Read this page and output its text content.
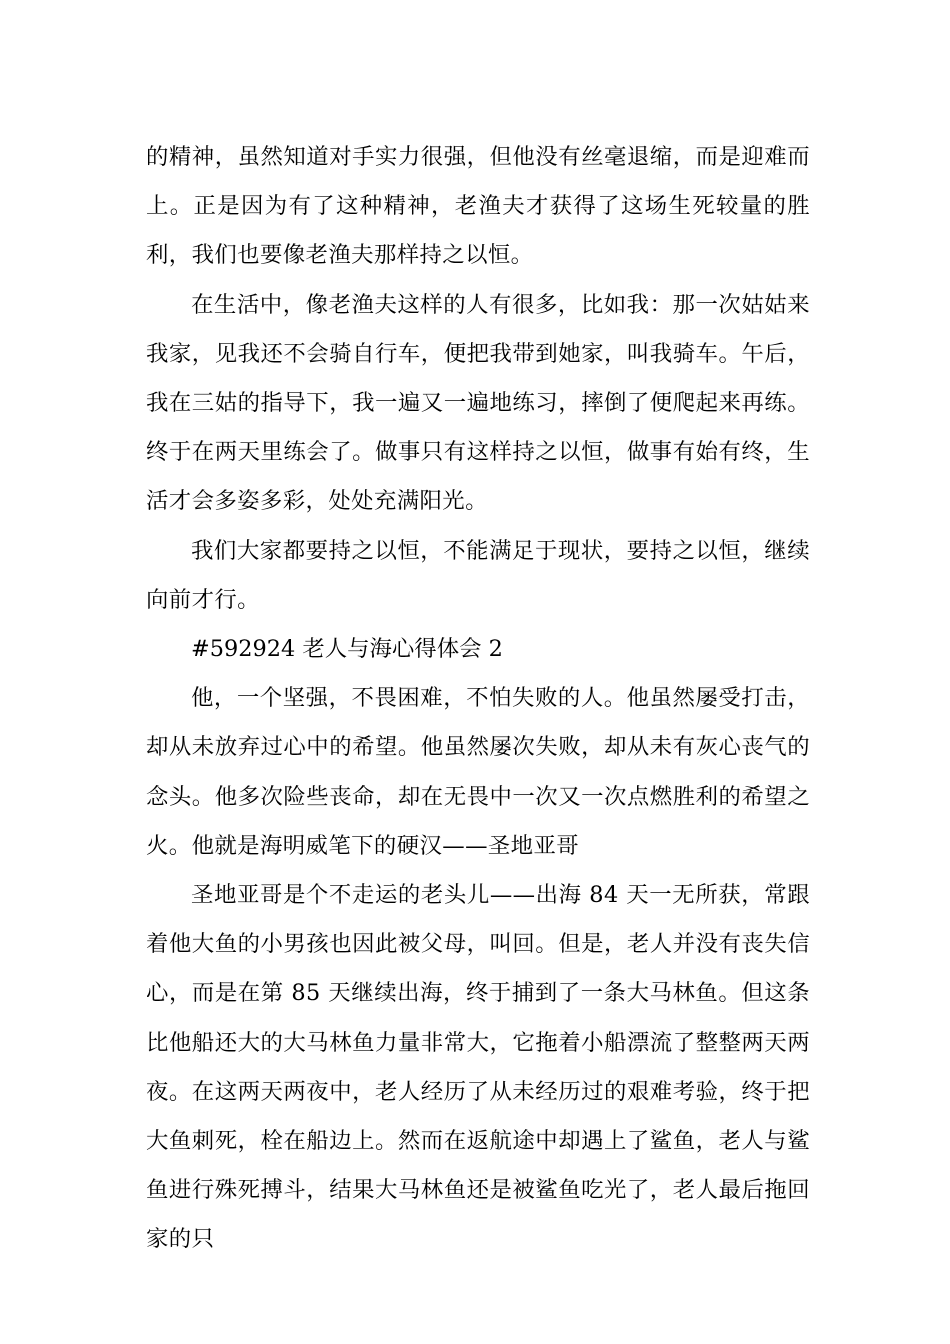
的精神，虽然知道对手实力很强，但他没有丝毫退缩，而是迎难而上。正是因为有了这种精神，老渔夫才获得了这场生死较量的胜利，我们也要像老渔夫那样持之以恒。

在生活中，像老渔夫这样的人有很多，比如我：那一次姑姑来我家，见我还不会骑自行车，便把我带到她家，叫我骑车。午后，我在三姑的指导下，我一遍又一遍地练习，摔倒了便爬起来再练。终于在两天里练会了。做事只有这样持之以恒，做事有始有终，生活才会多姿多彩，处处充满阳光。

我们大家都要持之以恒，不能满足于现状，要持之以恒，继续向前才行。

#592924 老人与海心得体会 2

他，一个坚强，不畏困难，不怕失败的人。他虽然屡受打击，却从未放弃过心中的希望。他虽然屡次失败，却从未有灰心丧气的念头。他多次险些丧命，却在无畏中一次又一次点燃胜利的希望之火。他就是海明威笔下的硬汉——圣地亚哥

圣地亚哥是个不走运的老头儿——出海 84 天一无所获，常跟着他大鱼的小男孩也因此被父母，叫回。但是，老人并没有丧失信心，而是在第 85 天继续出海，终于捕到了一条大马林鱼。但这条比他船还大的大马林鱼力量非常大，它拖着小船漂流了整整两天两夜。在这两天两夜中，老人经历了从未经历过的艰难考验，终于把大鱼刺死，栓在船边上。然而在返航途中却遇上了鲨鱼，老人与鲨鱼进行殊死搏斗，结果大马林鱼还是被鲨鱼吃光了，老人最后拖回家的只
